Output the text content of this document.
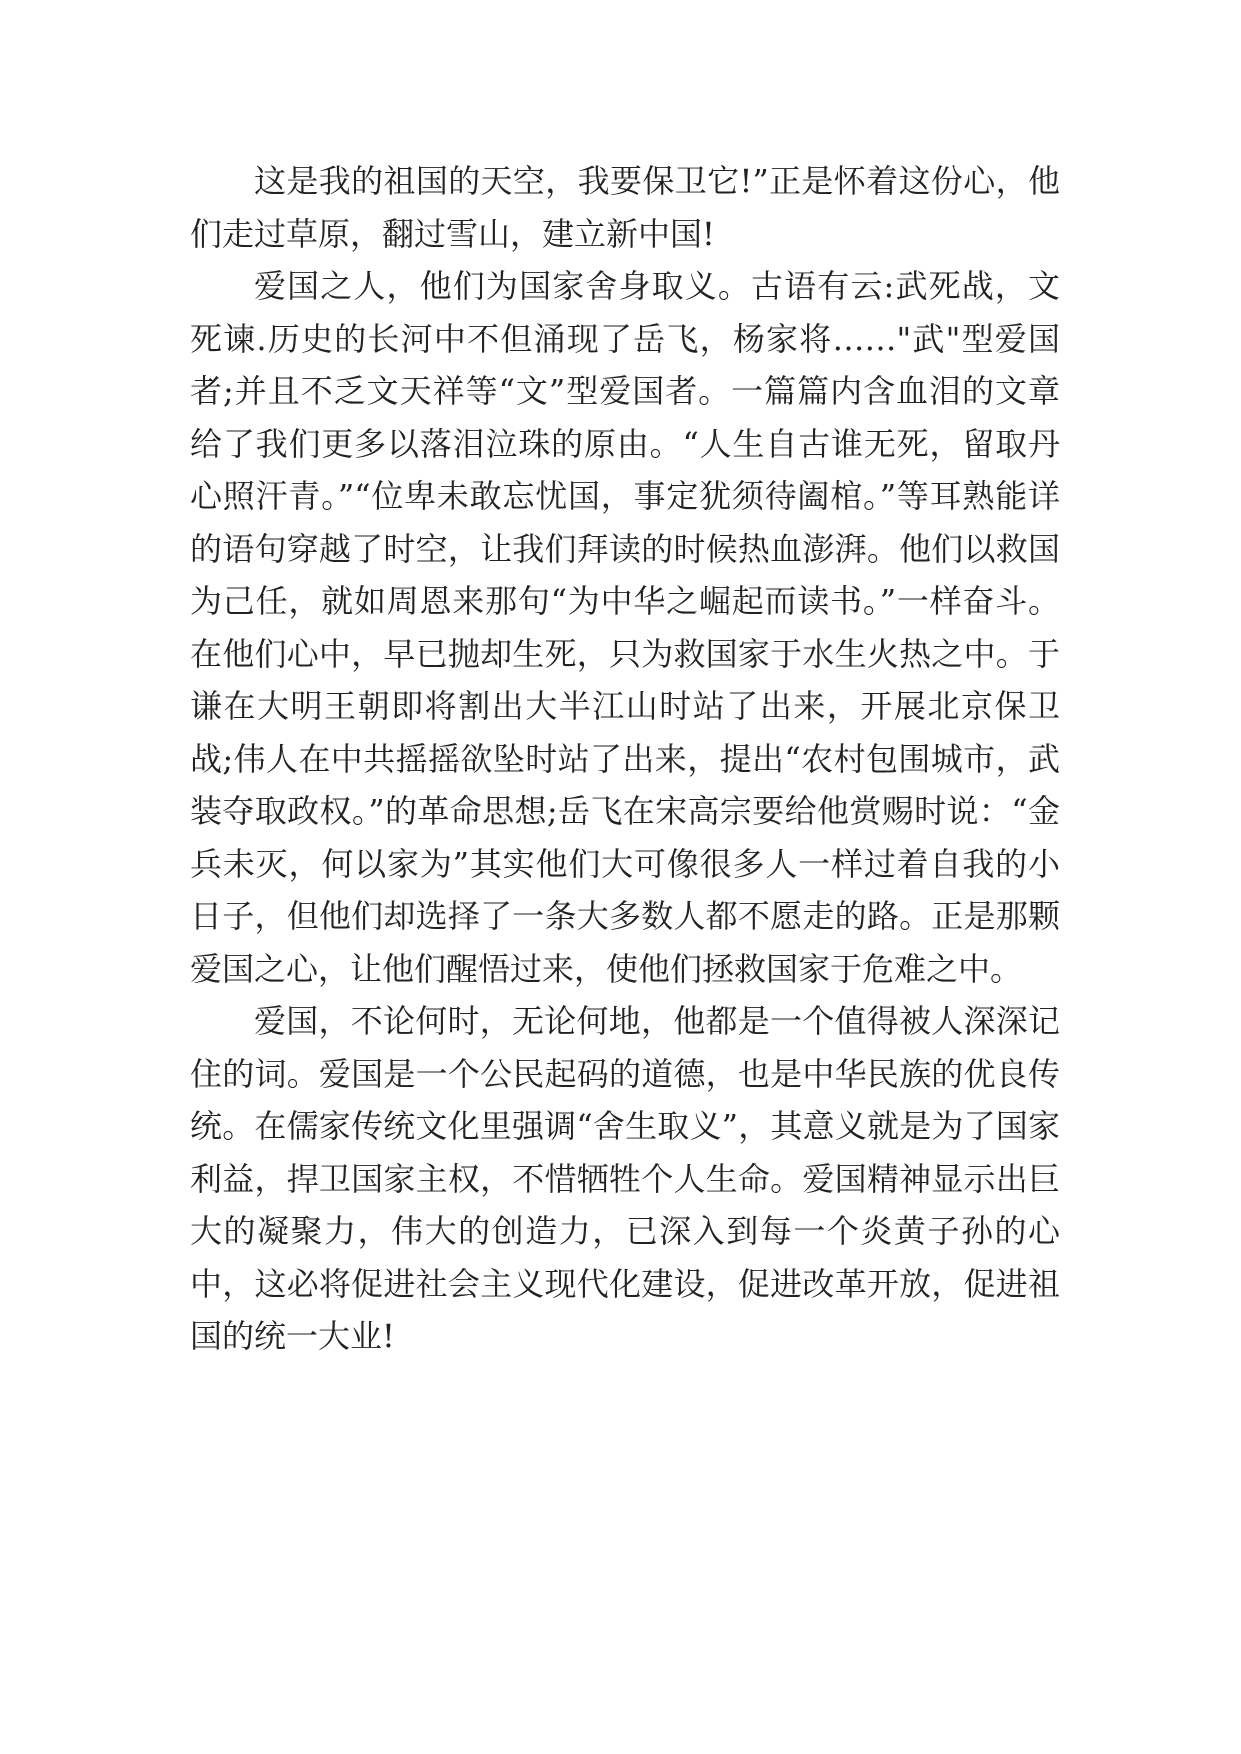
这是我的祖国的天空，我要保卫它!”正是怀着这份心，他们走过草原，翻过雪山，建立新中国!

爱国之人，他们为国家舍身取义。古语有云:武死战，文死谏.历史的长河中不但涌现了岳飞，杨家将……"武"型爱国者;并且不乏文天祥等“文”型爱国者。一篇篇内含血泪的文章给了我们更多以落泪泣珠的原由。“人生自古谁无死，留取丹心照汗青。”“位卑未敢忘忧国，事定犹须待阖棺。”等耳熟能详的语句穿越了时空，让我们拜读的时候热血澎湃。他们以救国为己任，就如周恩来那句“为中华之崛起而读书。”一样奋斗。在他们心中，早已抛却生死，只为救国家于水生火热之中。于谦在大明王朝即将割出大半江山时站了出来，开展北京保卫战;伟人在中共摇摇欲坠时站了出来，提出“农村包围城市，武装夺取政权。”的革命思想;岳飞在宋高宗要给他赏赐时说：“金兵未灭，何以家为”其实他们大可像很多人一样过着自我的小日子，但他们却选择了一条大多数人都不愿走的路。正是那颗爱国之心，让他们醒悟过来，使他们拯救国家于危难之中。

爱国，不论何时，无论何地，他都是一个值得被人深深记住的词。爱国是一个公民起码的道德，也是中华民族的优良传统。在儒家传统文化里强调“舍生取义”，其意义就是为了国家利益，捍卫国家主权，不惜牺牲个人生命。爱国精神显示出巨大的凝聚力，伟大的创造力，已深入到每一个炎黄子孙的心中，这必将促进社会主义现代化建设，促进改革开放，促进祖国的统一大业!
